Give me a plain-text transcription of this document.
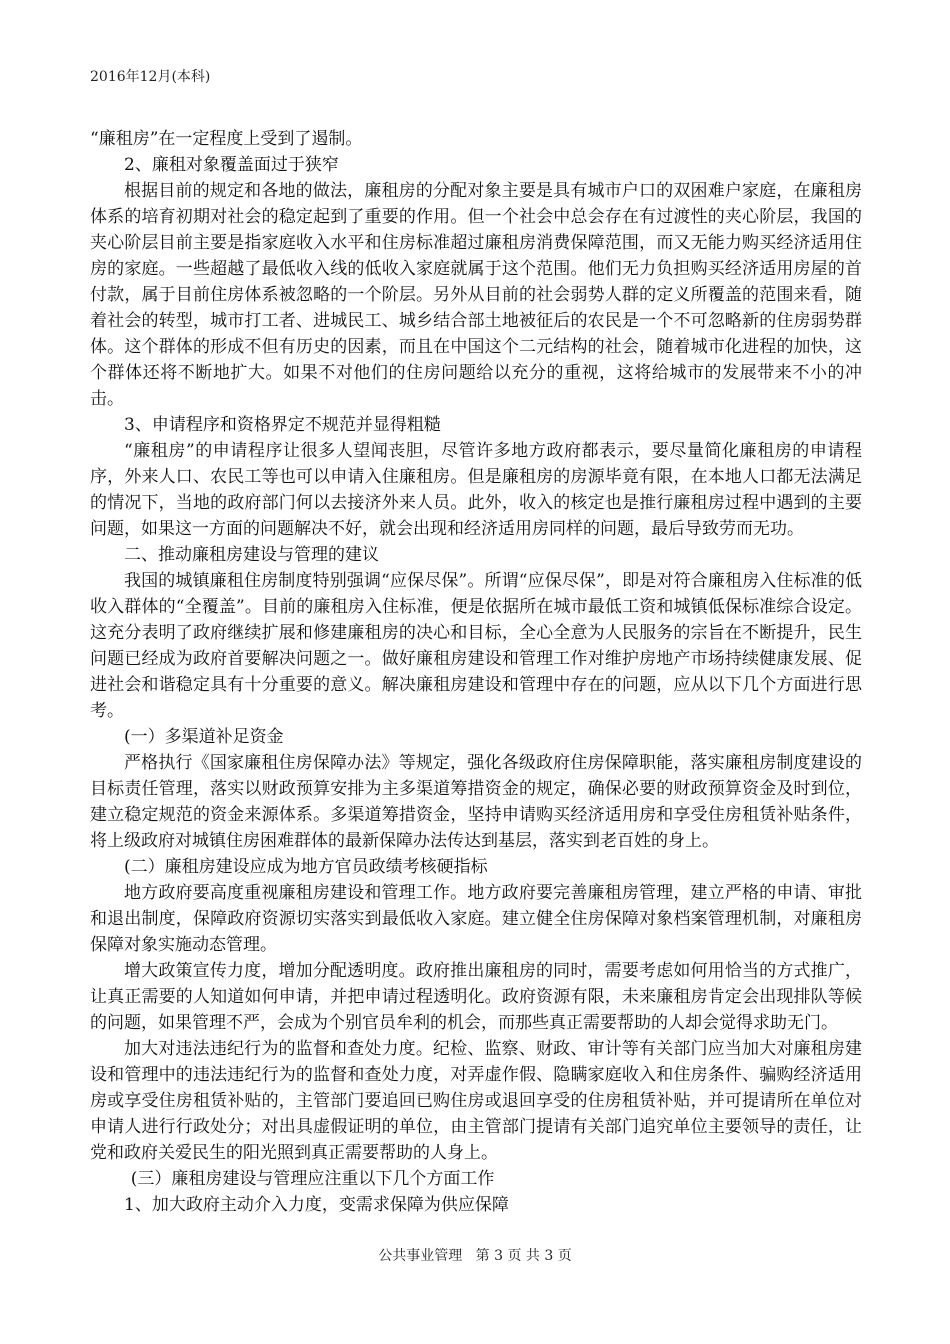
2016年12月(本科)

“廉租房”在一定程度上受到了遏制。

2、廉租对象覆盖面过于狭窄

根据目前的规定和各地的做法，廉租房的分配对象主要是具有城市户口的双困难户家庭，在廉租房体系的培育初期对社会的稳定起到了重要的作用。但一个社会中总会存在有过渡性的夹心阶层，我国的夹心阶层目前主要是指家庭收入水平和住房标准超过廉租房消费保障范围，而又无能力购买经济适用住房的家庭。一些超越了最低收入线的低收入家庭就属于这个范围。他们无力负担购买经济适用房屋的首付款，属于目前住房体系被忽略的一个阶层。另外从目前的社会弱势人群的定义所覆盖的范围来看，随着社会的转型，城市打工者、进城民工、城乡结合部土地被征后的农民是一个不可忽略新的住房弱势群体。这个群体的形成不但有历史的因素，而且在中国这个二元结构的社会，随着城市化进程的加快，这个群体还将不断地扩大。如果不对他们的住房问题给以充分的重视，这将给城市的发展带来不小的冲击。

3、申请程序和资格界定不规范并显得粗糙

“廉租房”的申请程序让很多人望闻丧胆，尽管许多地方政府都表示，要尽量简化廉租房的申请程序，外来人口、农民工等也可以申请入住廉租房。但是廉租房的房源毕竟有限，在本地人口都无法满足的情况下，当地的政府部门何以去接济外来人员。此外，收入的核定也是推行廉租房过程中遇到的主要问题，如果这一方面的问题解决不好，就会出现和经济适用房同样的问题，最后导致劳而无功。

二、推动廉租房建设与管理的建议

我国的城镇廉租住房制度特别强调“应保尽保”。所谓“应保尽保”，即是对符合廉租房入住标准的低收入群体的“全覆盖”。目前的廉租房入住标准，便是依据所在城市最低工资和城镇低保标准综合设定。这充分表明了政府继续扩展和修建廉租房的决心和目标，全心全意为人民服务的宗旨在不断提升，民生问题已经成为政府首要解决问题之一。做好廉租房建设和管理工作对维护房地产市场持续健康发展、促进社会和谐稳定具有十分重要的意义。解决廉租房建设和管理中存在的问题，应从以下几个方面进行思考。

(一）多渠道补足资金

严格执行《国家廉租住房保障办法》等规定，强化各级政府住房保障职能，落实廉租房制度建设的目标责任管理，落实以财政预算安排为主多渠道筹措资金的规定，确保必要的财政预算资金及时到位，建立稳定规范的资金来源体系。多渠道筹措资金，坚持申请购买经济适用房和享受住房租赁补贴条件，将上级政府对城镇住房困难群体的最新保障办法传达到基层，落实到老百姓的身上。

(二）廉租房建设应成为地方官员政绩考核硬指标

地方政府要高度重视廉租房建设和管理工作。地方政府要完善廉租房管理，建立严格的申请、审批和退出制度，保障政府资源切实落实到最低收入家庭。建立健全住房保障对象档案管理机制，对廉租房保障对象实施动态管理。

增大政策宣传力度，增加分配透明度。政府推出廉租房的同时，需要考虑如何用恰当的方式推广，让真正需要的人知道如何申请，并把申请过程透明化。政府资源有限，未来廉租房肯定会出现排队等候的问题，如果管理不严，会成为个别官员牟利的机会，而那些真正需要帮助的人却会觉得求助无门。

加大对违法违纪行为的监督和查处力度。纪检、监察、财政、审计等有关部门应当加大对廉租房建设和管理中的违法违纪行为的监督和查处力度，对弄虚作假、隐瞒家庭收入和住房条件、骗购经济适用房或享受住房租赁补贴的，主管部门要追回已购住房或退回享受的住房租赁补贴，并可提请所在单位对申请人进行行政处分；对出具虚假证明的单位，由主管部门提请有关部门追究单位主要领导的责任，让党和政府关爱民生的阳光照到真正需要帮助的人身上。

(三）廉租房建设与管理应注重以下几个方面工作

1、加大政府主动介入力度，变需求保障为供应保障

公共事业管理   第 3 页 共 3 页
